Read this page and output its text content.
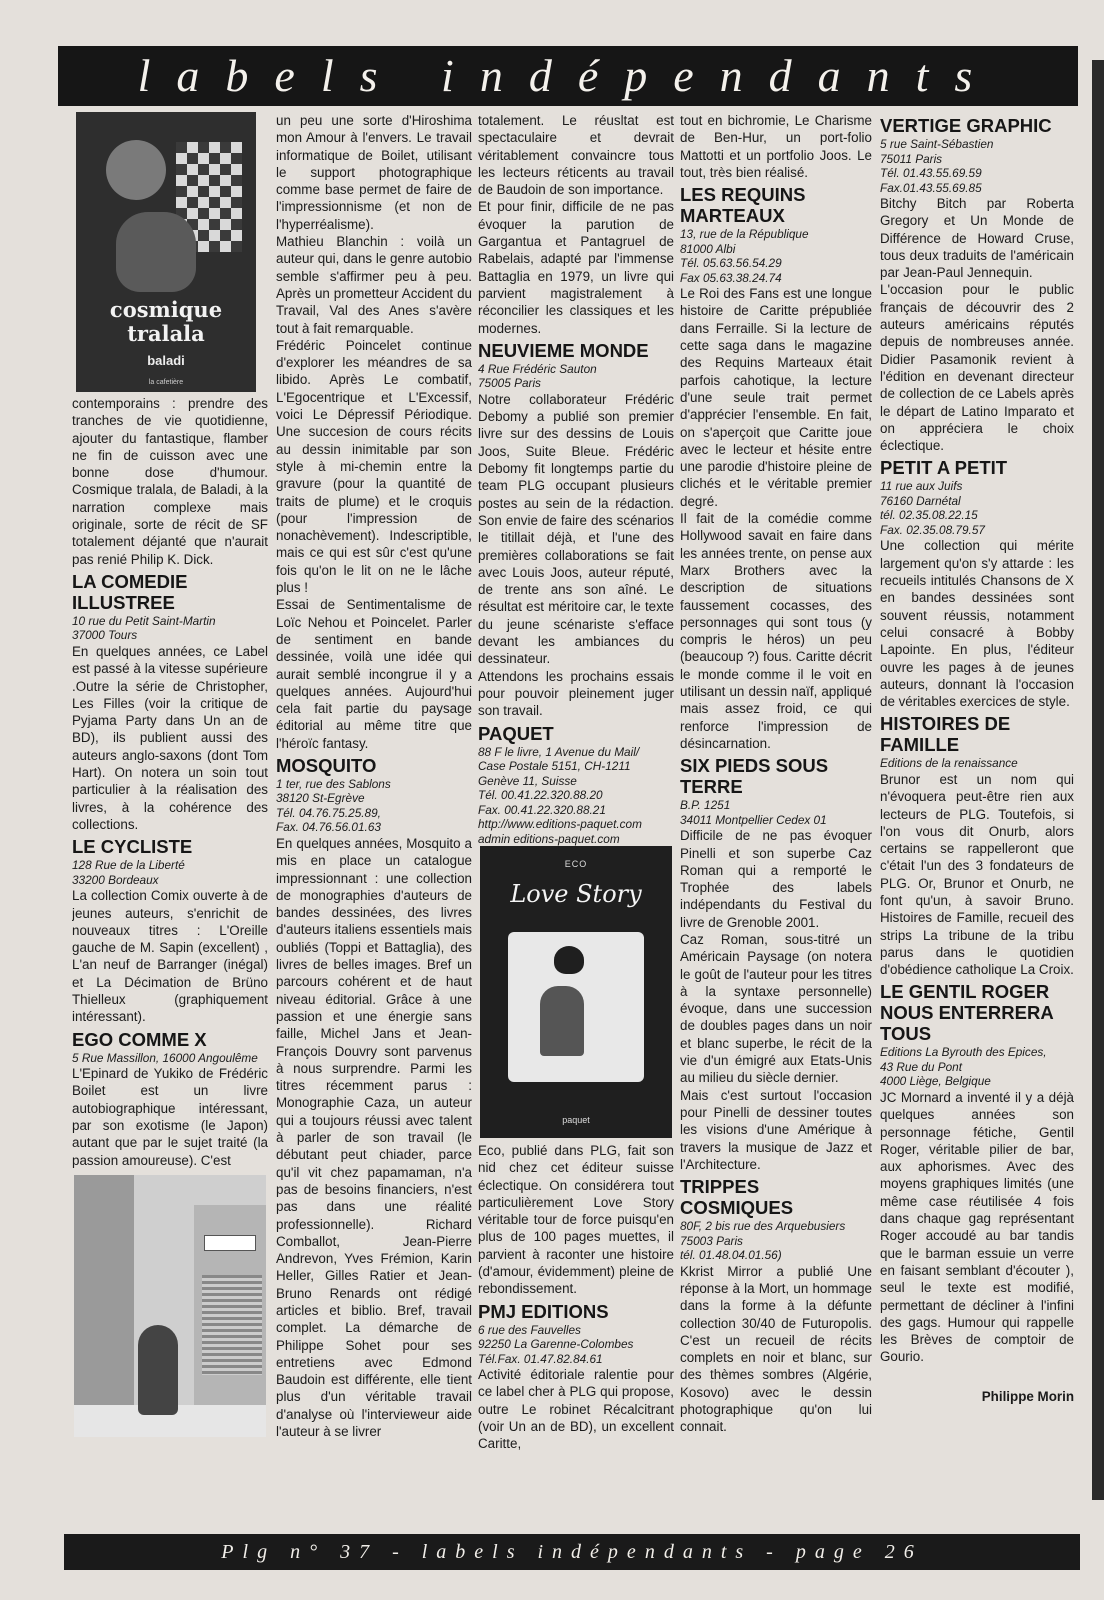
labels indépendants
cosmique tralala
baladi
la cafetière

contemporains : prendre des tranches de vie quotidienne, ajouter du fantastique, flamber ne fin de cuisson avec une bonne dose d'humour. Cosmique tralala, de Baladi, à la narration complexe mais originale, sorte de récit de SF totalement déjanté que n'aurait pas renié Philip K. Dick.

LA COMEDIE ILLUSTREE
10 rue du Petit Saint-Martin
37000 Tours

En quelques années, ce Label est passé à la vitesse supérieure .Outre la série de Christopher, Les Filles (voir la critique de Pyjama Party dans Un an de BD), ils publient aussi des auteurs anglo-saxons (dont Tom Hart). On notera un soin tout particulier à la réalisation des livres, à la cohérence des collections.

LE CYCLISTE
128 Rue de la Liberté
33200 Bordeaux

La collection Comix ouverte à de jeunes auteurs, s'enrichit de nouveaux titres : L'Oreille gauche de M. Sapin (excellent) , L'an neuf de Barranger (inégal) et La Décimation de Brüno Thielleux (graphiquement intéressant).

EGO COMME X
5 Rue Massillon, 16000 Angoulême

L'Epinard de Yukiko de Frédéric Boilet est un livre autobiographique intéressant, par son exotisme (le Japon) autant que par le sujet traité (la passion amoureuse). C'est

un peu une sorte d'Hiroshima mon Amour à l'envers. Le travail informatique de Boilet, utilisant le support photographique comme base permet de faire de l'impressionnisme (et non de l'hyperréalisme).

Mathieu Blanchin : voilà un auteur qui, dans le genre autobio semble s'affirmer peu à peu. Après un prometteur Accident du Travail, Val des Anes s'avère tout à fait remarquable.

Frédéric Poincelet continue d'explorer les méandres de sa libido. Après Le combatif, L'Egocentrique et L'Excessif, voici Le Dépressif Périodique. Une succesion de cours récits au dessin inimitable par son style à mi-chemin entre la gravure (pour la quantité de traits de plume) et le croquis (pour l'impression de nonachèvement). Indescriptible, mais ce qui est sûr c'est qu'une fois qu'on le lit on ne le lâche plus !

Essai de Sentimentalisme de Loïc Nehou et Poincelet. Parler de sentiment en bande dessinée, voilà une idée qui aurait semblé incongrue il y a quelques années. Aujourd'hui cela fait partie du paysage éditorial au même titre que l'héroïc fantasy.

MOSQUITO
1 ter, rue des Sablons
38120 St-Egrève
Tél. 04.76.75.25.89,
Fax. 04.76.56.01.63

En quelques années, Mosquito a mis en place un catalogue impressionnant : une collection de monographies d'auteurs de bandes dessinées, des livres d'auteurs italiens essentiels mais oubliés (Toppi et Battaglia), des livres de belles images. Bref un parcours cohérent et de haut niveau éditorial. Grâce à une passion et une énergie sans faille, Michel Jans et Jean-François Douvry sont parvenus à nous surprendre. Parmi les titres récemment parus : Monographie Caza, un auteur qui a toujours réussi avec talent à parler de son travail (le débutant peut chiader, parce qu'il vit chez papamaman, n'a pas de besoins financiers, n'est pas dans une réalité professionnelle). Richard Comballot, Jean-Pierre Andrevon, Yves Frémion, Karin Heller, Gilles Ratier et Jean-Bruno Renards ont rédigé articles et biblio. Bref, travail complet. La démarche de Philippe Sohet pour ses entretiens avec Edmond Baudoin est différente, elle tient plus d'un véritable travail d'analyse où l'intervieweur aide l'auteur à se livrer

totalement. Le réusltat est spectaculaire et devrait véritablement convaincre tous les lecteurs réticents au travail de Baudoin de son importance.

Et pour finir, difficile de ne pas évoquer la parution de Gargantua et Pantagruel de Rabelais, adapté par l'immense Battaglia en 1979, un livre qui parvient magistralement à réconcilier les classiques et les modernes.

NEUVIEME MONDE
4 Rue Frédéric Sauton
75005 Paris

Notre collaborateur Frédéric Debomy a publié son premier livre sur des dessins de Louis Joos, Suite Bleue. Frédéric Debomy fit longtemps partie du team PLG occupant plusieurs postes au sein de la rédaction. Son envie de faire des scénarios le titillait déjà, et l'une des premières collaborations se fait avec Louis Joos, auteur réputé, de trente ans son aîné. Le résultat est méritoire car, le texte du jeune scénariste s'efface devant les ambiances du dessinateur.

Attendons les prochains essais pour pouvoir pleinement juger son travail.

PAQUET
88 F le livre, 1 Avenue du Mail/
Case Postale 5151, CH-1211
Genève 11, Suisse
Tél. 00.41.22.320.88.20
Fax. 00.41.22.320.88.21
http://www.editions-paquet.com
admin editions-paquet.com
ECO
Love Story
paquet

Eco, publié dans PLG, fait son nid chez cet éditeur suisse éclectique. On considérera tout particulièrement Love Story véritable tour de force puisqu'en plus de 100 pages muettes, il parvient à raconter une histoire (d'amour, évidemment) pleine de rebondissement.

PMJ EDITIONS
6 rue des Fauvelles
92250 La Garenne-Colombes
Tél.Fax. 01.47.82.84.61

Activité éditoriale ralentie pour ce label cher à PLG qui propose, outre Le robinet Récalcitrant (voir Un an de BD), un excellent Caritte,

tout en bichromie, Le Charisme de Ben-Hur, un port-folio Mattotti et un portfolio Joos. Le tout, très bien réalisé.

LES REQUINS MARTEAUX
13, rue de la République
81000 Albi
Tél. 05.63.56.54.29
Fax 05.63.38.24.74

Le Roi des Fans est une longue histoire de Caritte prépubliée dans Ferraille. Si la lecture de cette saga dans le magazine des Requins Marteaux était parfois cahotique, la lecture d'une seule trait permet d'apprécier l'ensemble. En fait, on s'aperçoit que Caritte joue avec le lecteur et hésite entre une parodie d'histoire pleine de clichés et le véritable premier degré.

Il fait de la comédie comme Hollywood savait en faire dans les années trente, on pense aux Marx Brothers avec la description de situations faussement cocasses, des personnages qui sont tous (y compris le héros) un peu (beaucoup ?) fous. Caritte décrit le monde comme il le voit en utilisant un dessin naïf, appliqué mais assez froid, ce qui renforce l'impression de désincarnation.

SIX PIEDS SOUS TERRE
B.P. 1251
34011 Montpellier Cedex 01

Difficile de ne pas évoquer Pinelli et son superbe Caz Roman qui a remporté le Trophée des labels indépendants du Festival du livre de Grenoble 2001.

Caz Roman, sous-titré un Américain Paysage (on notera le goût de l'auteur pour les titres à la syntaxe personnelle) évoque, dans une succession de doubles pages dans un noir et blanc superbe, le récit de la vie d'un émigré aux Etats-Unis au milieu du siècle dernier.

Mais c'est surtout l'occasion pour Pinelli de dessiner toutes les visions d'une Amérique à travers la musique de Jazz et l'Architecture.

TRIPPES COSMIQUES
80F, 2 bis rue des Arquebusiers
75003 Paris
tél. 01.48.04.01.56)

Kkrist Mirror a publié Une réponse à la Mort, un hommage dans la forme à la défunte collection 30/40 de Futuropolis. C'est un recueil de récits complets en noir et blanc, sur des thèmes sombres (Algérie, Kosovo) avec le dessin photographique qu'on lui connait.

VERTIGE GRAPHIC
5 rue Saint-Sébastien
75011 Paris
Tél. 01.43.55.69.59
Fax.01.43.55.69.85

Bitchy Bitch par Roberta Gregory et Un Monde de Différence de Howard Cruse, tous deux traduits de l'américain par Jean-Paul Jennequin.

L'occasion pour le public français de découvrir des 2 auteurs américains réputés depuis de nombreuses année. Didier Pasamonik revient à l'édition en devenant directeur de collection de ce Labels après le départ de Latino Imparato et on appréciera le choix éclectique.

PETIT A PETIT
11 rue aux Juifs
76160 Darnétal
tél. 02.35.08.22.15
Fax. 02.35.08.79.57

Une collection qui mérite largement qu'on s'y attarde : les recueils intitulés Chansons de X en bandes dessinées sont souvent réussis, notamment celui consacré à Bobby Lapointe. En plus, l'éditeur ouvre les pages à de jeunes auteurs, donnant là l'occasion de véritables exercices de style.

HISTOIRES DE FAMILLE
Editions de la renaissance

Brunor est un nom qui n'évoquera peut-être rien aux lecteurs de PLG. Toutefois, si l'on vous dit Onurb, alors certains se rappelleront que c'était l'un des 3 fondateurs de PLG. Or, Brunor et Onurb, ne font qu'un, à savoir Bruno. Histoires de Famille, recueil des strips La tribune de la tribu parus dans le quotidien d'obédience catholique La Croix.

LE GENTIL ROGER NOUS ENTERRERA TOUS
Editions La Byrouth des Epices,
43 Rue du Pont
4000 Liège, Belgique

JC Mornard a inventé il y a déjà quelques années son personnage fétiche, Gentil Roger, véritable pilier de bar, aux aphorismes. Avec des moyens graphiques limités (une même case réutilisée 4 fois dans chaque gag représentant Roger accoudé au bar tandis que le barman essuie un verre en faisant semblant d'écouter ), seul le texte est modifié, permettant de décliner à l'infini des gags. Humour qui rappelle les Brèves de comptoir de Gourio.

Philippe Morin

Plg n° 37 - labels indépendants - page 26
